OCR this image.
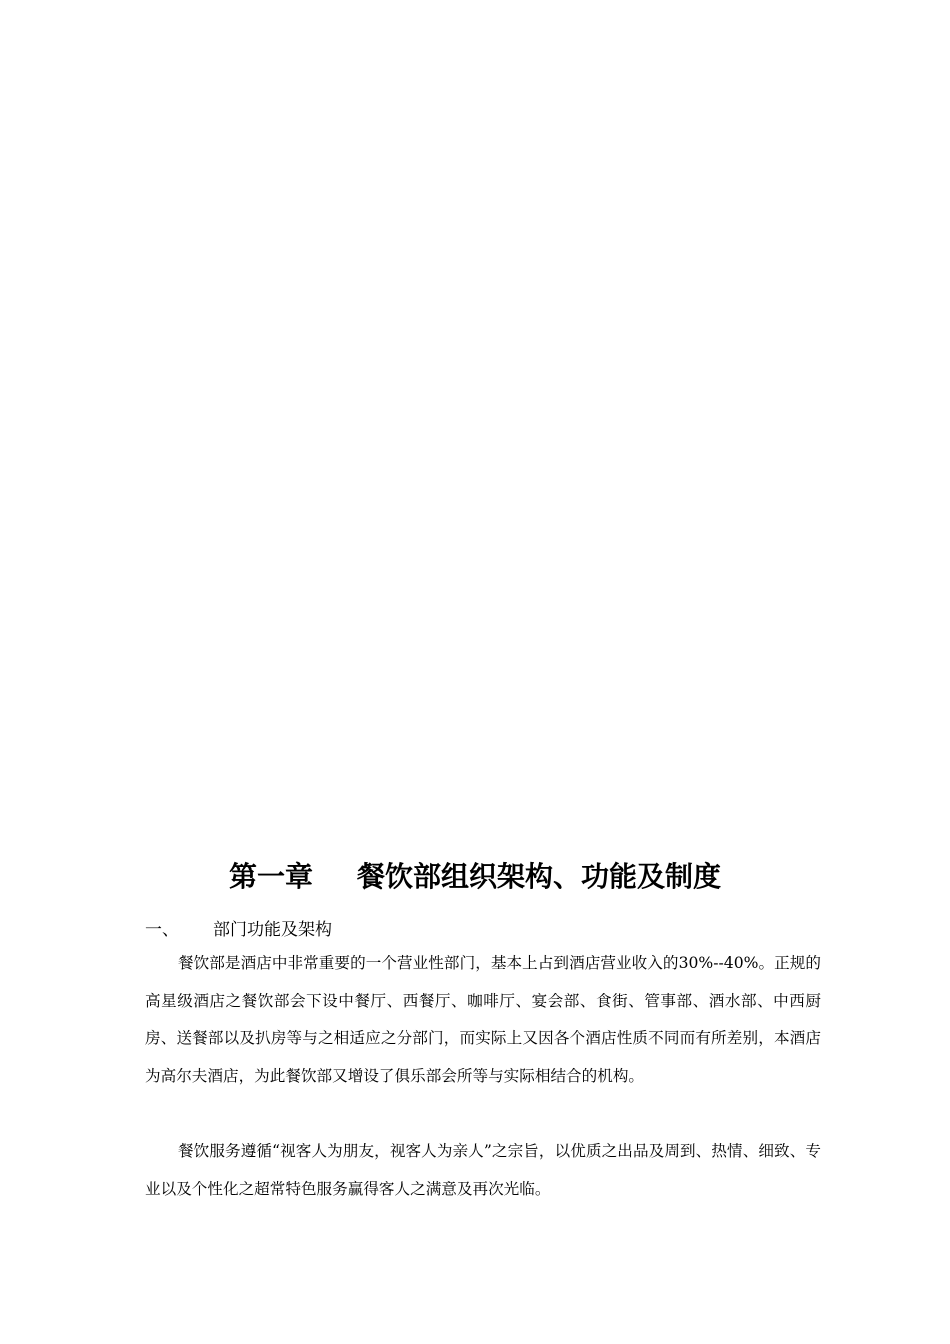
第一章 餐饮部组织架构、功能及制度
一、 部门功能及架构

餐饮部是酒店中非常重要的一个营业性部门，基本上占到酒店营业收入的30%--40%。正规的高星级酒店之餐饮部会下设中餐厅、西餐厅、咖啡厅、宴会部、食街、管事部、酒水部、中西厨房、送餐部以及扒房等与之相适应之分部门，而实际上又因各个酒店性质不同而有所差别，本酒店为高尔夫酒店，为此餐饮部又增设了俱乐部会所等与实际相结合的机构。

餐饮服务遵循“视客人为朋友，视客人为亲人”之宗旨，以优质之出品及周到、热情、细致、专业以及个性化之超常特色服务赢得客人之满意及再次光临。
